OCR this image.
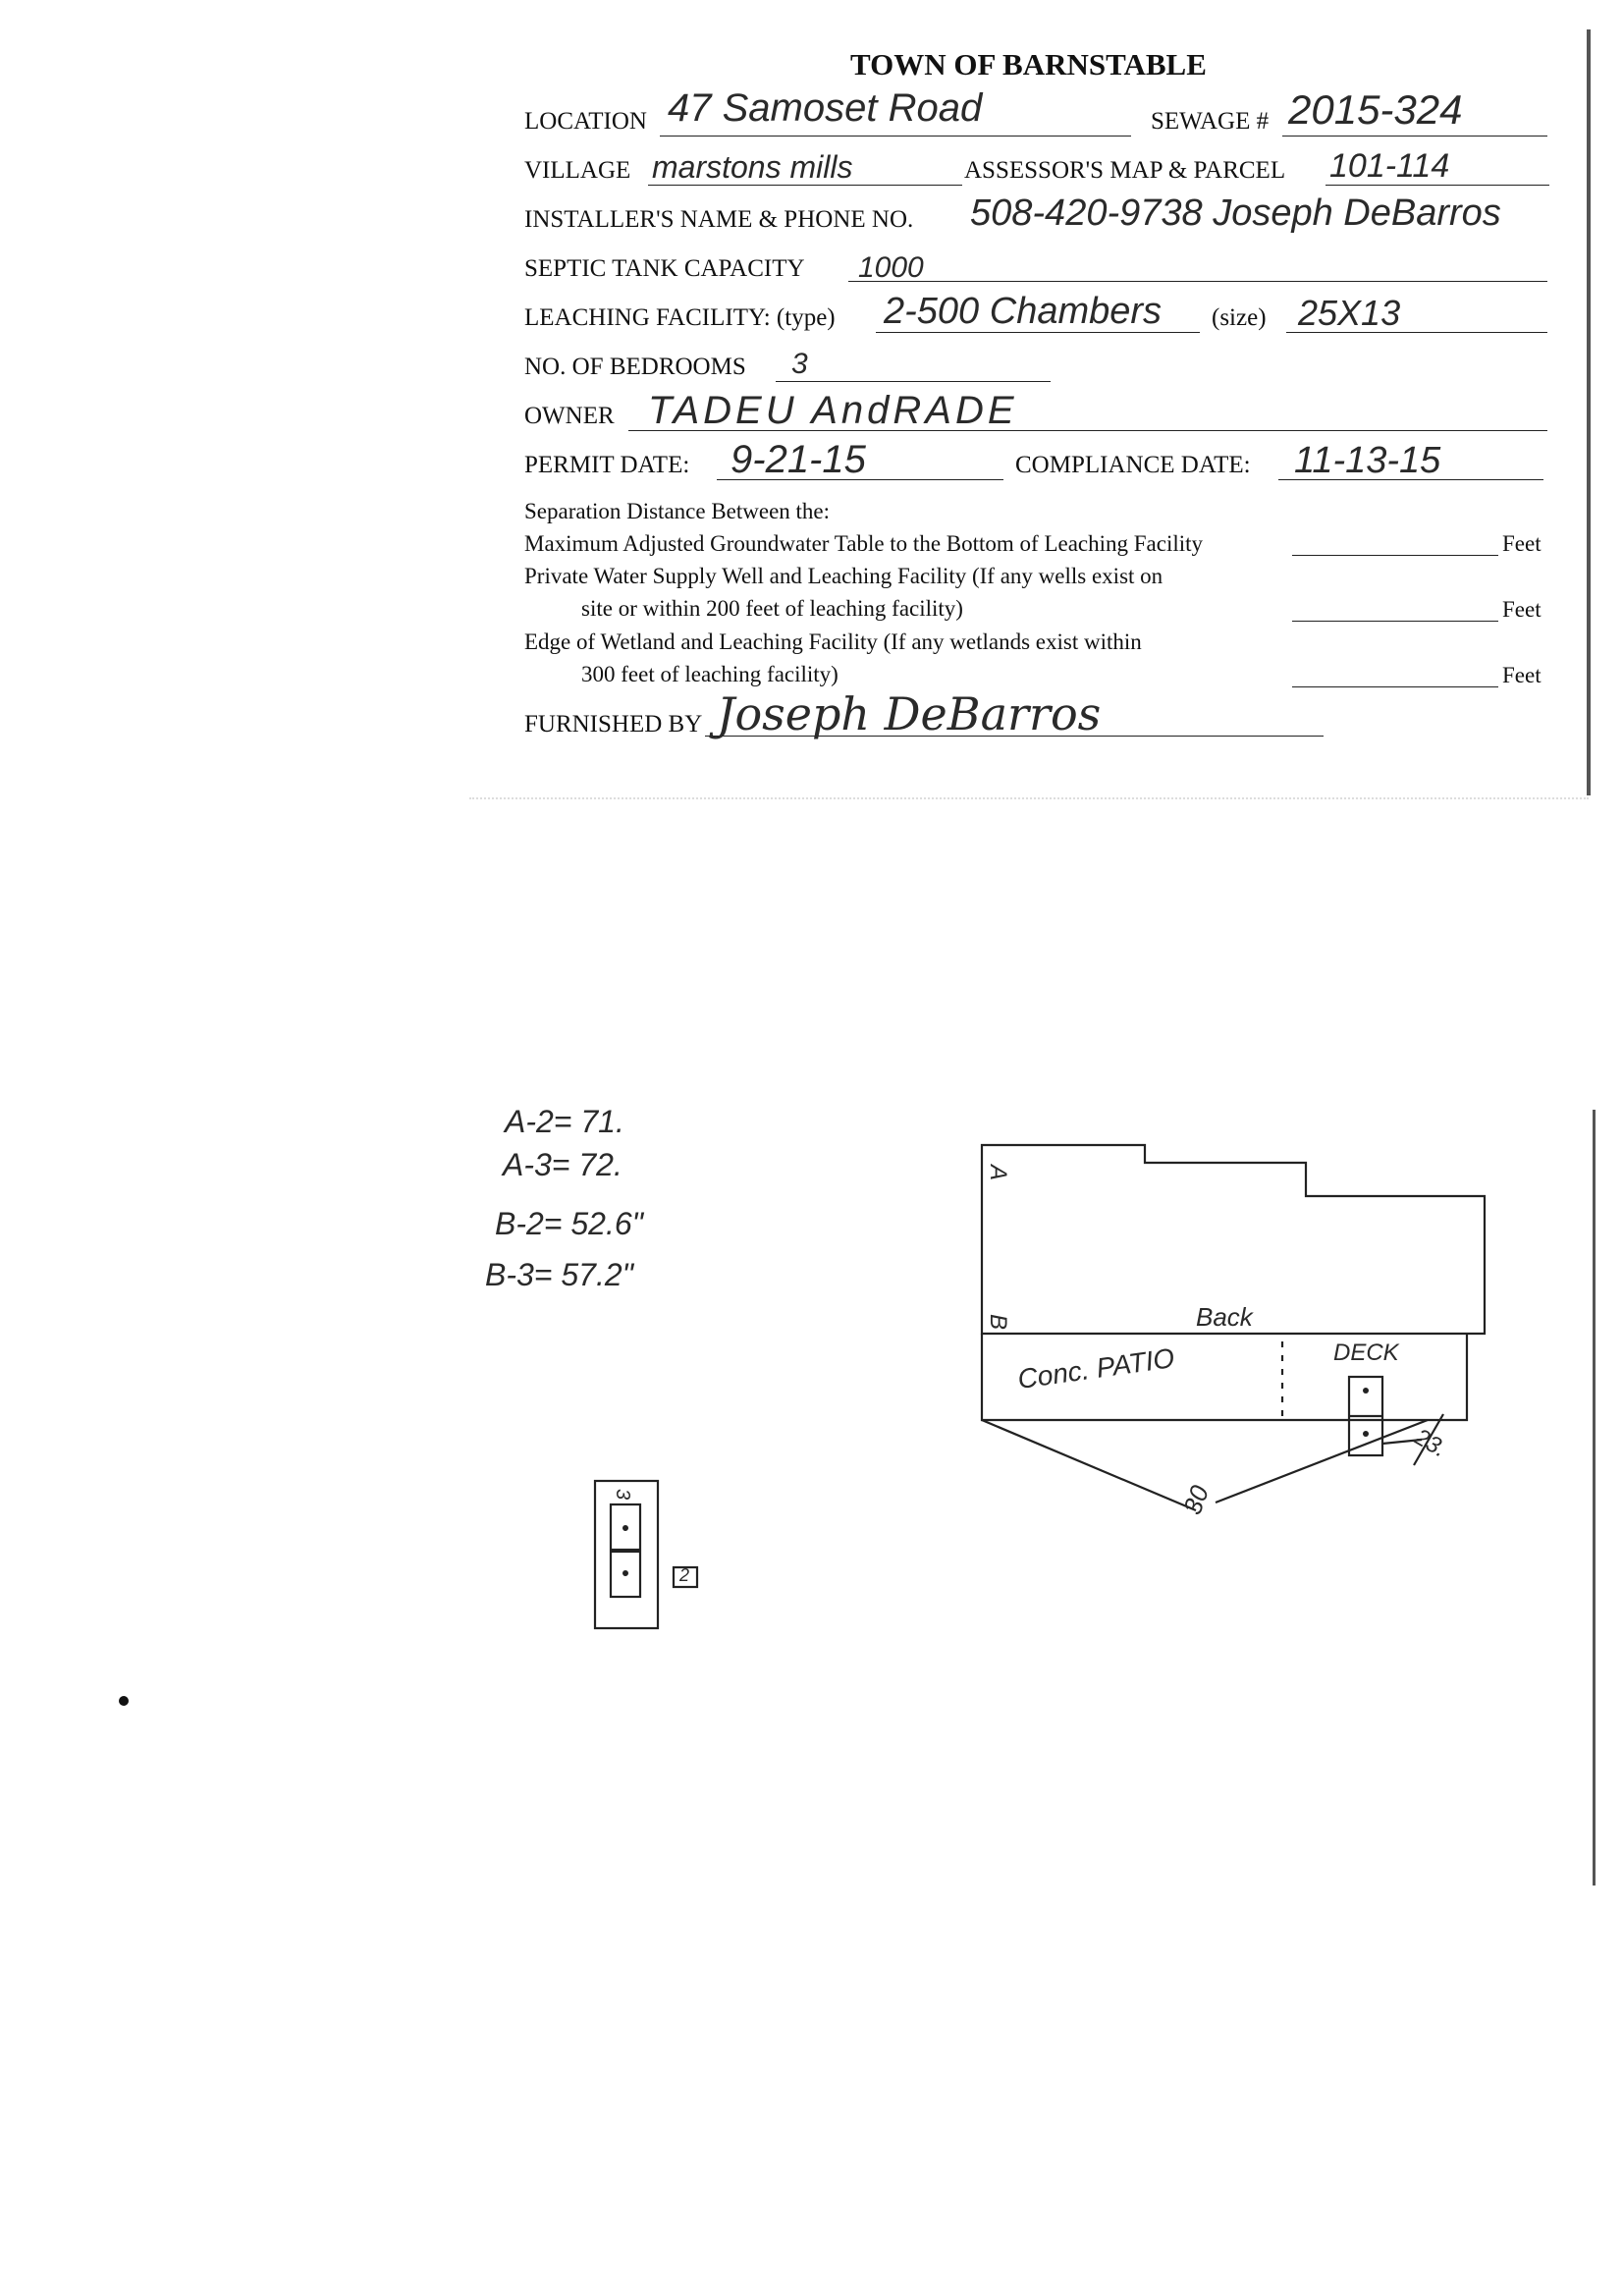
TOWN OF BARNSTABLE
LOCATION 47 Samoset Road	SEWAGE # 2015-324
VILLAGE marstons mills	ASSESSOR'S MAP & PARCEL 101-114
INSTALLER'S NAME & PHONE NO. 508-420-9738 Joseph DeBarros
SEPTIC TANK CAPACITY 1000
LEACHING FACILITY: (type) 2-500 Chambers (size) 25X13
NO. OF BEDROOMS 3
OWNER TADEU AndRADE
PERMIT DATE: 9-21-15	COMPLIANCE DATE: 11-13-15
Separation Distance Between the:
Maximum Adjusted Groundwater Table to the Bottom of Leaching Facility	Feet
Private Water Supply Well and Leaching Facility (If any wells exist on
site or within 200 feet of leaching facility)	Feet
Edge of Wetland and Leaching Facility (If any wetlands exist within
300 feet of leaching facility)	Feet
FURNISHED BY Joseph DeBarros
A-2= 71.
A-3= 72.
B-2= 52.6"
B-3= 57.2"
A
B	Back
Conc. PATIO	DECK
23.
30
3
2
